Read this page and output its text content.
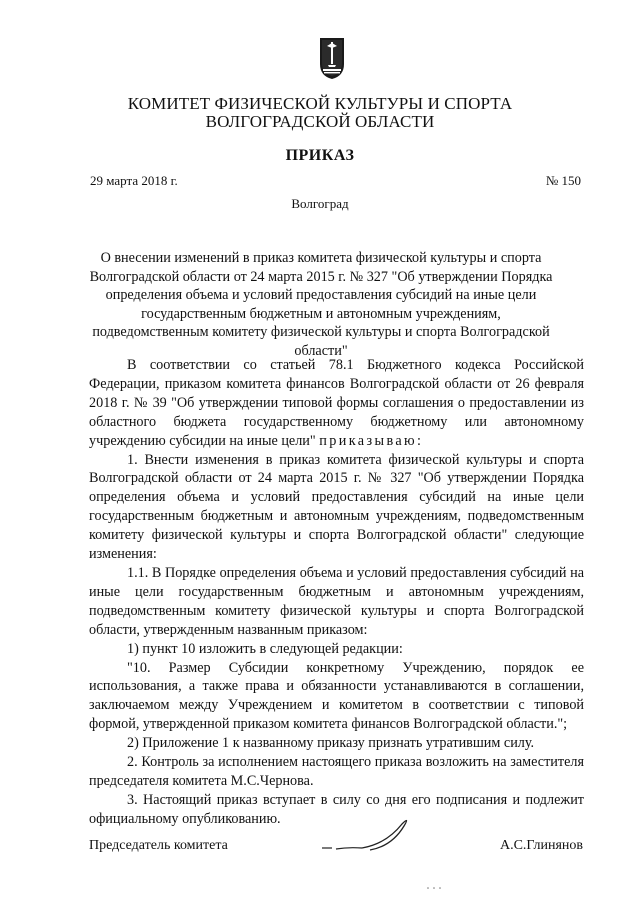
КОМИТЕТ ФИЗИЧЕСКОЙ КУЛЬТУРЫ И СПОРТА
ВОЛГОГРАДСКОЙ ОБЛАСТИ
ПРИКАЗ
29 марта 2018 г.	№ 150
Волгоград
О внесении изменений в приказ комитета физической культуры и спорта Волгоградской области от 24 марта 2015 г. № 327 "Об утверждении Порядка определения объема и условий предоставления субсидий на иные цели государственным бюджетным и автономным учреждениям, подведомственным комитету физической культуры и спорта Волгоградской области"

В соответствии со статьей 78.1 Бюджетного кодекса Российской Федерации, приказом комитета финансов Волгоградской области от 26 февраля 2018 г. № 39 "Об утверждении типовой формы соглашения о предоставлении из областного бюджета государственному бюджетному или автономному учреждению субсидии на иные цели" приказываю:

1. Внести изменения в приказ комитета физической культуры и спорта Волгоградской области от 24 марта 2015 г. № 327 "Об утверждении Порядка определения объема и условий предоставления субсидий на иные цели государственным бюджетным и автономным учреждениям, подведомственным комитету физической культуры и спорта Волгоградской области" следующие изменения:

1.1. В Порядке определения объема и условий предоставления субсидий на иные цели государственным бюджетным и автономным учреждениям, подведомственным комитету физической культуры и спорта Волгоградской области, утвержденным названным приказом:

1) пункт 10 изложить в следующей редакции:

"10. Размер Субсидии конкретному Учреждению, порядок ее использования, а также права и обязанности устанавливаются в соглашении, заключаемом между Учреждением и комитетом в соответствии с типовой формой, утвержденной приказом комитета финансов Волгоградской области.";

2) Приложение 1 к названному приказу признать утратившим силу.

2. Контроль за исполнением настоящего приказа возложить на заместителя председателя комитета М.С.Чернова.

3. Настоящий приказ вступает в силу со дня его подписания и подлежит официальному опубликованию.

Председатель комитета	А.С.Глинянов
